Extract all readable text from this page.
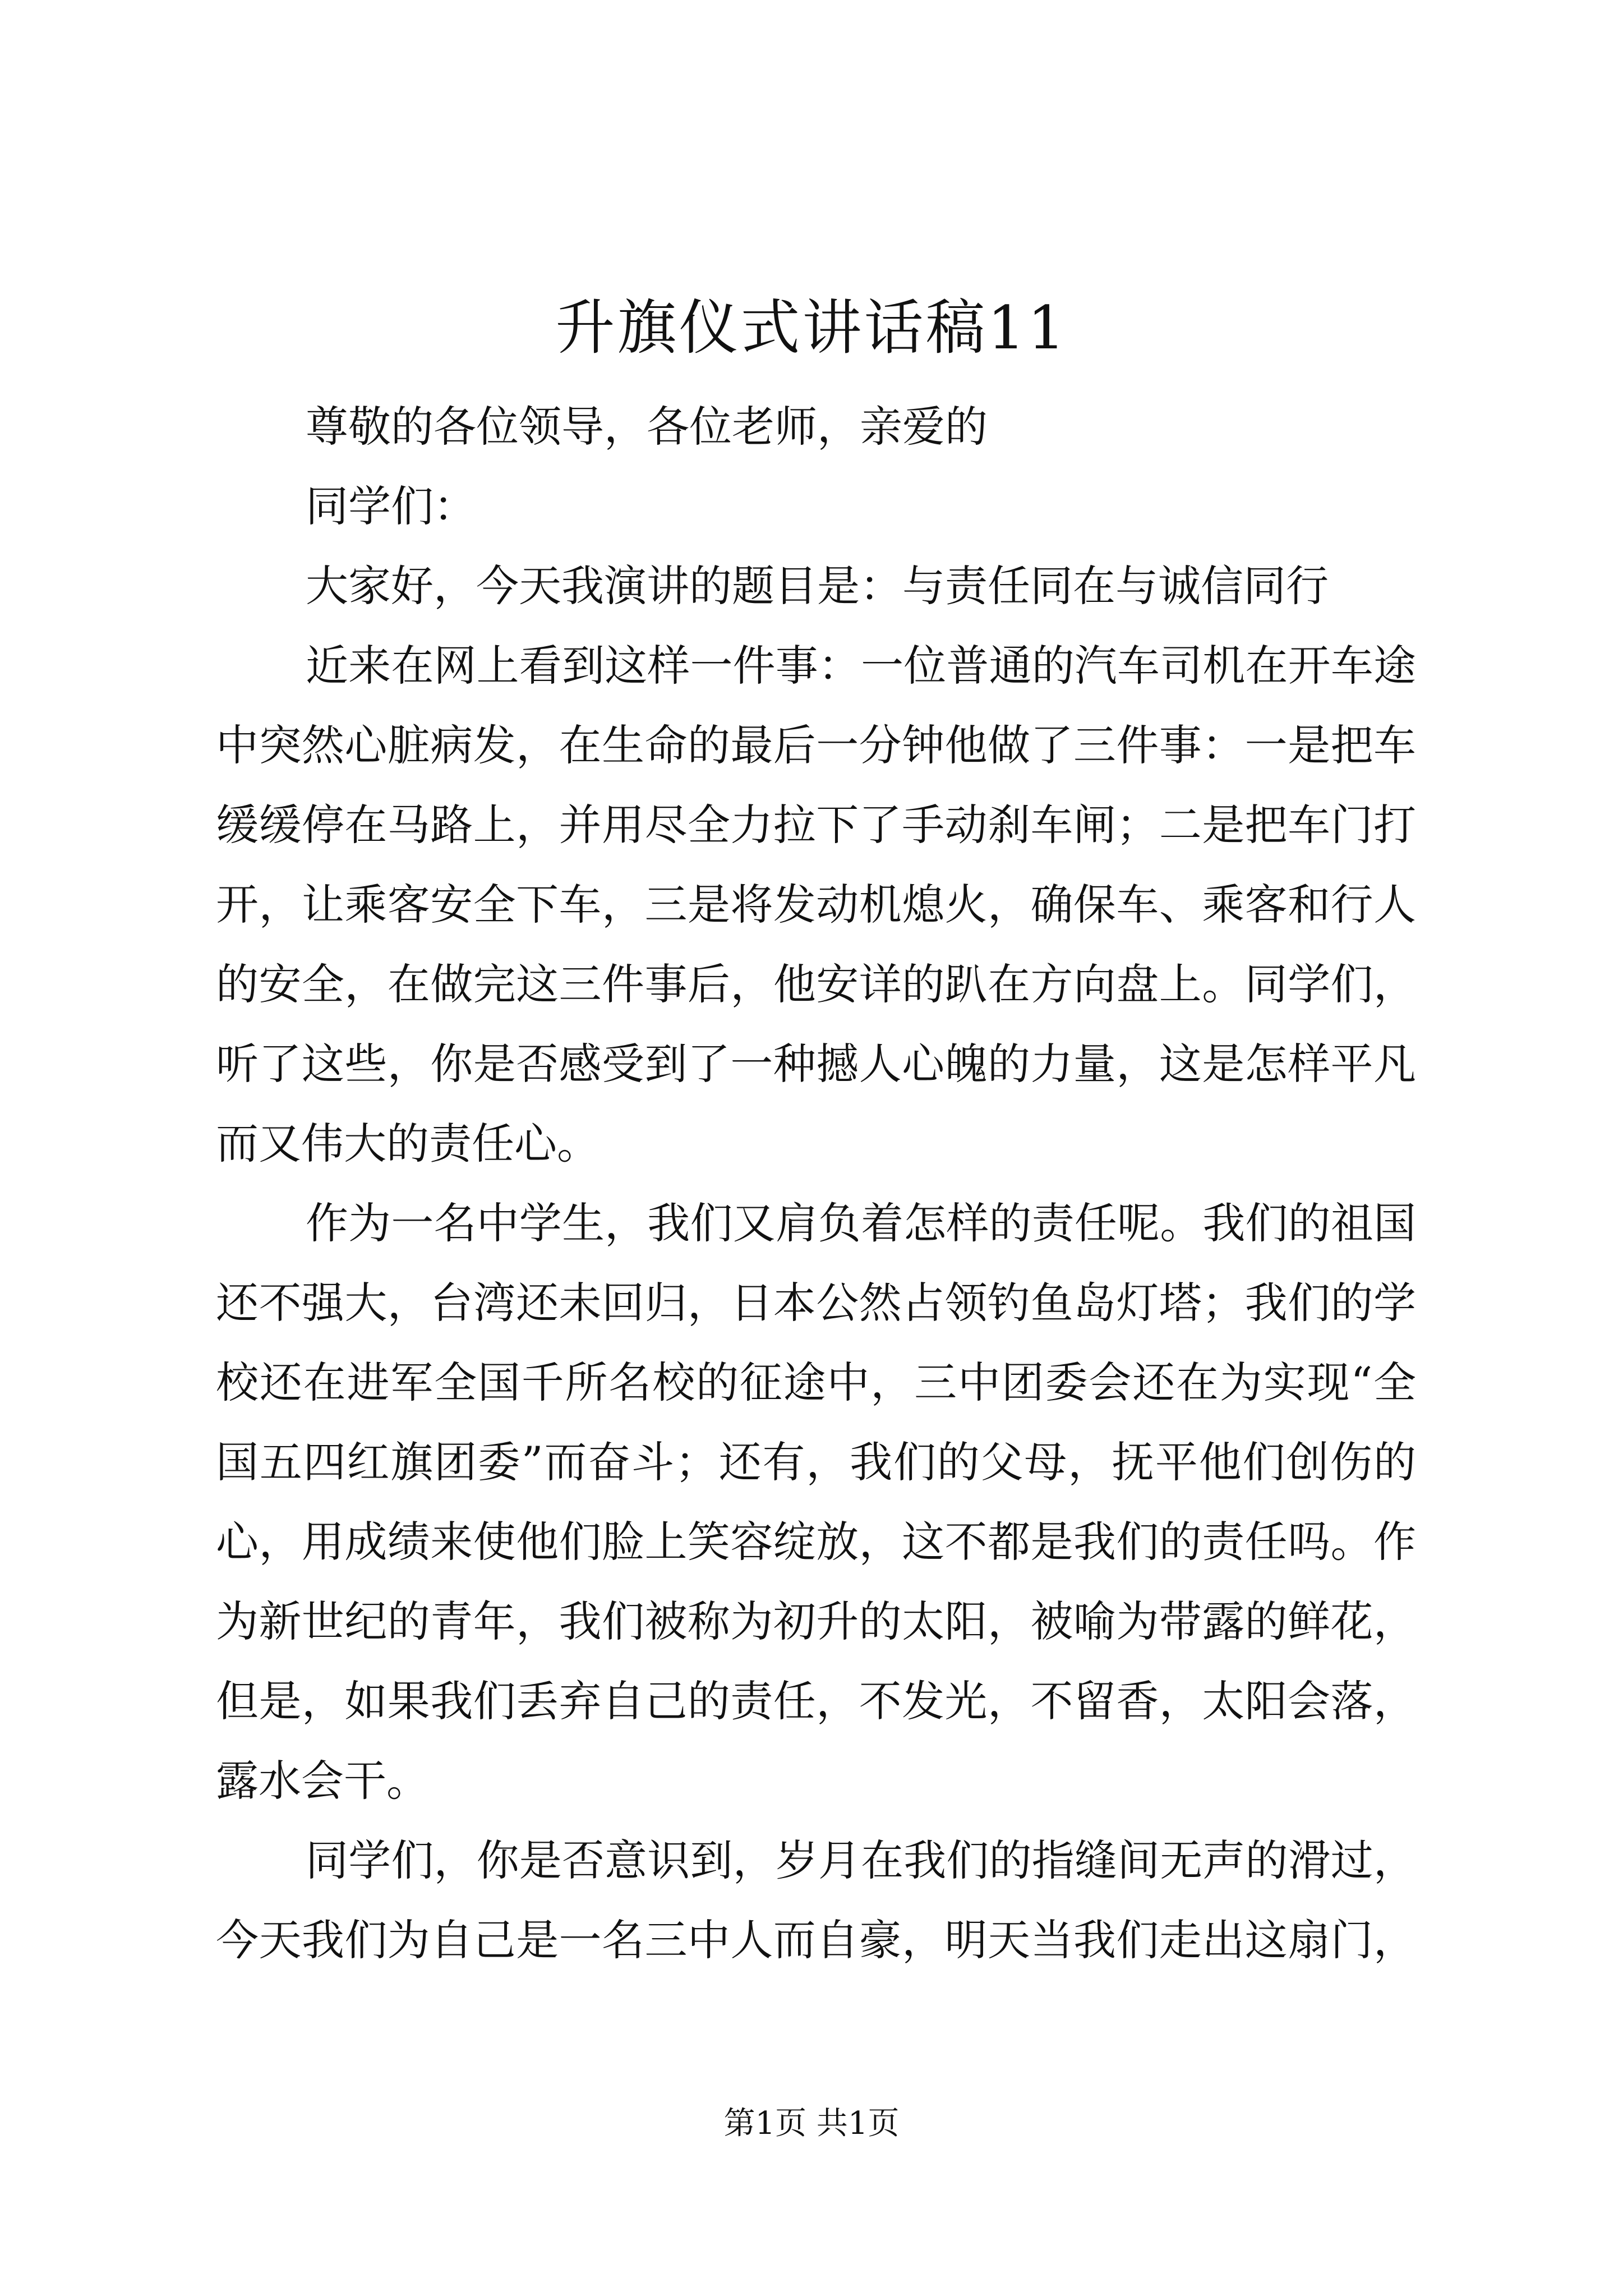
升旗仪式讲话稿11
尊敬的各位领导，各位老师，亲爱的
同学们：
大家好，今天我演讲的题目是：与责任同在与诚信同行
近来在网上看到这样一件事：一位普通的汽车司机在开车途
中突然心脏病发，在生命的最后一分钟他做了三件事：一是把车
缓缓停在马路上，并用尽全力拉下了手动刹车闸；二是把车门打
开，让乘客安全下车，三是将发动机熄火，确保车、乘客和行人
的安全，在做完这三件事后，他安详的趴在方向盘上。同学们，
听了这些，你是否感受到了一种撼人心魄的力量，这是怎样平凡
而又伟大的责任心。
作为一名中学生，我们又肩负着怎样的责任呢。我们的祖国
还不强大，台湾还未回归，日本公然占领钓鱼岛灯塔；我们的学
校还在进军全国千所名校的征途中，三中团委会还在为实现“全
国五四红旗团委”而奋斗；还有，我们的父母，抚平他们创伤的
心，用成绩来使他们脸上笑容绽放，这不都是我们的责任吗。作
为新世纪的青年，我们被称为初升的太阳，被喻为带露的鲜花，
但是，如果我们丢弃自己的责任，不发光，不留香，太阳会落，
露水会干。
同学们，你是否意识到，岁月在我们的指缝间无声的滑过，
今天我们为自己是一名三中人而自豪，明天当我们走出这扇门，
第1页 共1页
